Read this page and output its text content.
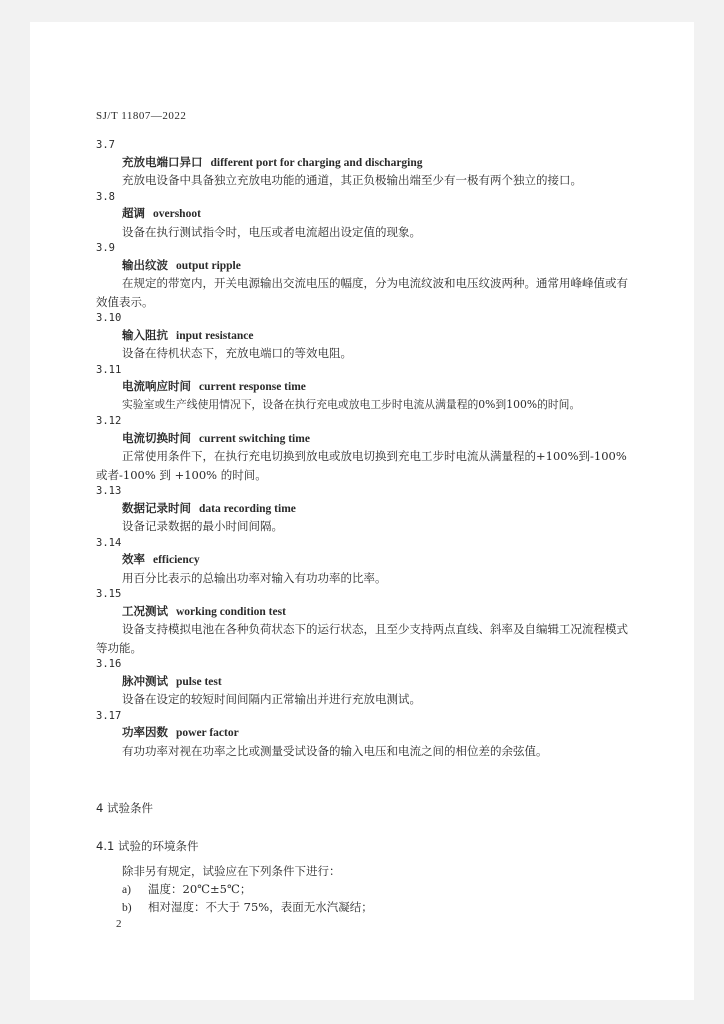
SJ/T 11807—2022
3.7
充放电端口异口 different port for charging and discharging
充放电设备中具备独立充放电功能的通道，其正负极输出端至少有一极有两个独立的接口。
3.8
超调 overshoot
设备在执行测试指令时，电压或者电流超出设定值的现象。
3.9
输出纹波 output ripple
在规定的带宽内，开关电源输出交流电压的幅度，分为电流纹波和电压纹波两种。通常用峰峰值或有效值表示。
3.10
输入阻抗 input resistance
设备在待机状态下，充放电端口的等效电阻。
3.11
电流响应时间 current response time
实验室或生产线使用情况下，设备在执行充电或放电工步时电流从满量程的0%到100%的时间。
3.12
电流切换时间 current switching time
正常使用条件下，在执行充电切换到放电或放电切换到充电工步时电流从满量程的+100%到-100%或者-100% 到 +100% 的时间。
3.13
数据记录时间 data recording time
设备记录数据的最小时间间隔。
3.14
效率 efficiency
用百分比表示的总输出功率对输入有功功率的比率。
3.15
工况测试 working condition test
设备支持模拟电池在各种负荷状态下的运行状态，且至少支持两点直线、斜率及自编辑工况流程模式等功能。
3.16
脉冲测试 pulse test
设备在设定的较短时间间隔内正常输出并进行充放电测试。
3.17
功率因数 power factor
有功功率对视在功率之比或测量受试设备的输入电压和电流之间的相位差的余弦值。
4 试验条件
4.1 试验的环境条件
除非另有规定，试验应在下列条件下进行：
a) 温度：20℃±5℃；
b) 相对湿度：不大于 75%，表面无水汽凝结；
2
